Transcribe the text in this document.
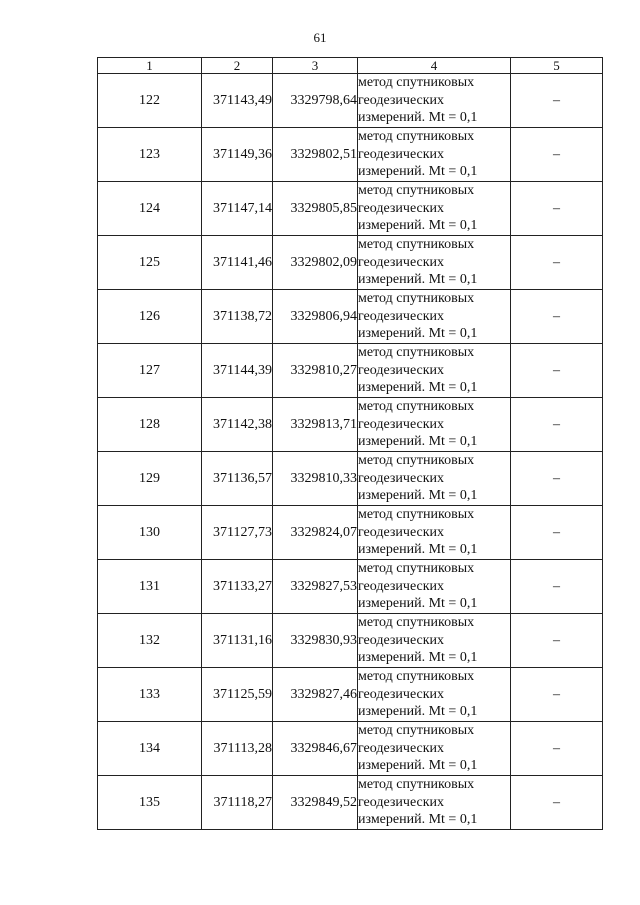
61
1	2	3	4	5
122	371143,49	3329798,64	метод спутниковых
геодезических
измерений. Mt = 0,1	–
123	371149,36	3329802,51	метод спутниковых
геодезических
измерений. Mt = 0,1	–
124	371147,14	3329805,85	метод спутниковых
геодезических
измерений. Mt = 0,1	–
125	371141,46	3329802,09	метод спутниковых
геодезических
измерений. Mt = 0,1	–
126	371138,72	3329806,94	метод спутниковых
геодезических
измерений. Mt = 0,1	–
127	371144,39	3329810,27	метод спутниковых
геодезических
измерений. Mt = 0,1	–
128	371142,38	3329813,71	метод спутниковых
геодезических
измерений. Mt = 0,1	–
129	371136,57	3329810,33	метод спутниковых
геодезических
измерений. Mt = 0,1	–
130	371127,73	3329824,07	метод спутниковых
геодезических
измерений. Mt = 0,1	–
131	371133,27	3329827,53	метод спутниковых
геодезических
измерений. Mt = 0,1	–
132	371131,16	3329830,93	метод спутниковых
геодезических
измерений. Mt = 0,1	–
133	371125,59	3329827,46	метод спутниковых
геодезических
измерений. Mt = 0,1	–
134	371113,28	3329846,67	метод спутниковых
геодезических
измерений. Mt = 0,1	–
135	371118,27	3329849,52	метод спутниковых
геодезических
измерений. Mt = 0,1	–
